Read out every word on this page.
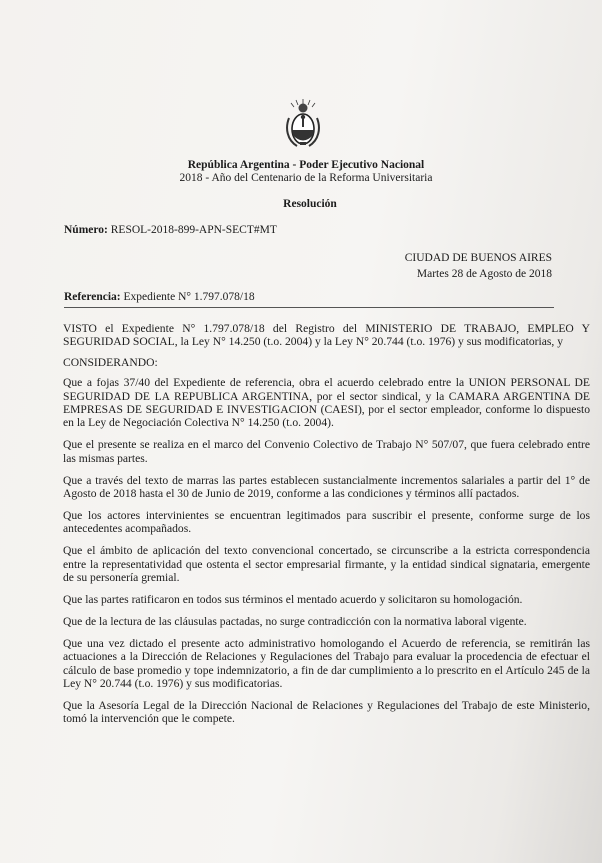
República Argentina - Poder Ejecutivo Nacional
2018 - Año del Centenario de la Reforma Universitaria
Resolución
Número: RESOL-2018-899-APN-SECT#MT
CIUDAD DE BUENOS AIRES
Martes 28 de Agosto de 2018
Referencia: Expediente N° 1.797.078/18

VISTO el Expediente N° 1.797.078/18 del Registro del MINISTERIO DE TRABAJO, EMPLEO Y SEGURIDAD SOCIAL, la Ley N° 14.250 (t.o. 2004) y la Ley N° 20.744 (t.o. 1976) y sus modificatorias, y

CONSIDERANDO:

Que a fojas 37/40 del Expediente de referencia, obra el acuerdo celebrado entre la UNION PERSONAL DE SEGURIDAD DE LA REPUBLICA ARGENTINA, por el sector sindical, y la CAMARA ARGENTINA DE EMPRESAS DE SEGURIDAD E INVESTIGACION (CAESI), por el sector empleador, conforme lo dispuesto en la Ley de Negociación Colectiva N° 14.250 (t.o. 2004).

Que el presente se realiza en el marco del Convenio Colectivo de Trabajo N° 507/07, que fuera celebrado entre las mismas partes.

Que a través del texto de marras las partes establecen sustancialmente incrementos salariales a partir del 1° de Agosto de 2018 hasta el 30 de Junio de 2019, conforme a las condiciones y términos allí pactados.

Que los actores intervinientes se encuentran legitimados para suscribir el presente, conforme surge de los antecedentes acompañados.

Que el ámbito de aplicación del texto convencional concertado, se circunscribe a la estricta correspondencia entre la representatividad que ostenta el sector empresarial firmante, y la entidad sindical signataria, emergente de su personería gremial.

Que las partes ratificaron en todos sus términos el mentado acuerdo y solicitaron su homologación.

Que de la lectura de las cláusulas pactadas, no surge contradicción con la normativa laboral vigente.

Que una vez dictado el presente acto administrativo homologando el Acuerdo de referencia, se remitirán las actuaciones a la Dirección de Relaciones y Regulaciones del Trabajo para evaluar la procedencia de efectuar el cálculo de base promedio y tope indemnizatorio, a fin de dar cumplimiento a lo prescrito en el Artículo 245 de la Ley N° 20.744 (t.o. 1976) y sus modificatorias.

Que la Asesoría Legal de la Dirección Nacional de Relaciones y Regulaciones del Trabajo de este Ministerio, tomó la intervención que le compete.
